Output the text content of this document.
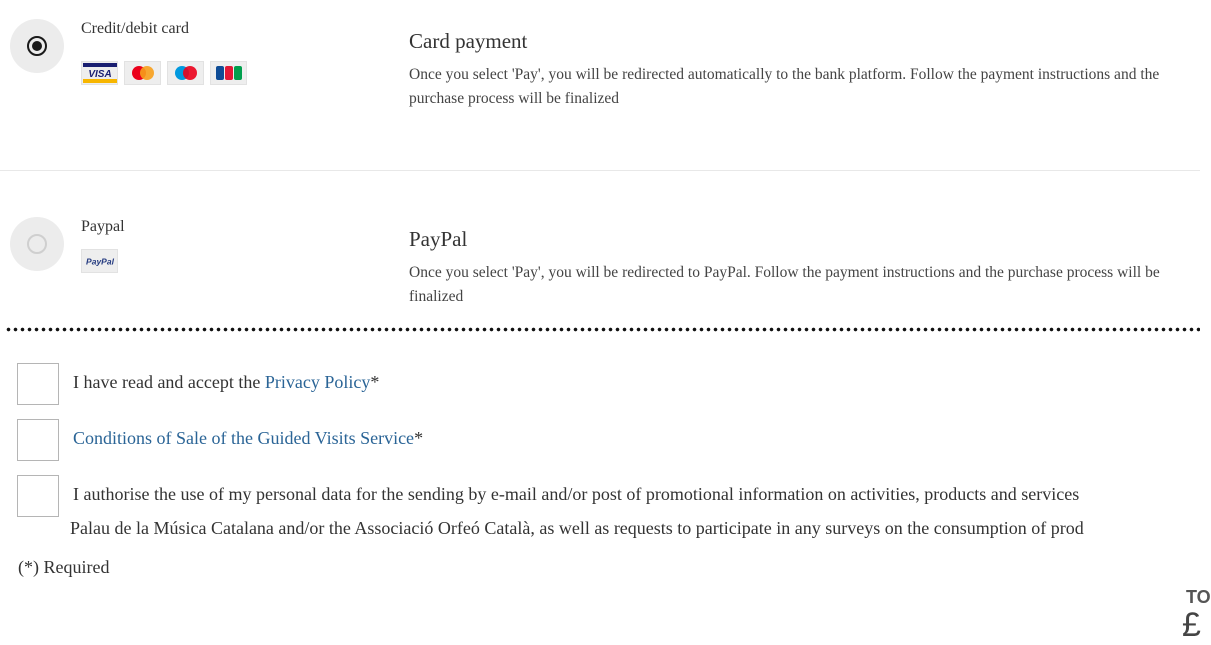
Credit/debit card
VISA
Card payment
Once you select 'Pay', you will be redirected automatically to the bank platform. Follow the payment instructions and the purchase process will be finalized
Paypal
PayPal
PayPal
Once you select 'Pay', you will be redirected to PayPal. Follow the payment instructions and the purchase process will be finalized
I have read and accept the Privacy Policy*
Conditions of Sale of the Guided Visits Service*
I authorise the use of my personal data for the sending by e-mail and/or post of promotional information on activities, products and services
Palau de la Música Catalana and/or the Associació Orfeó Català, as well as requests to participate in any surveys on the consumption of prod
(*) Required
TO
£
